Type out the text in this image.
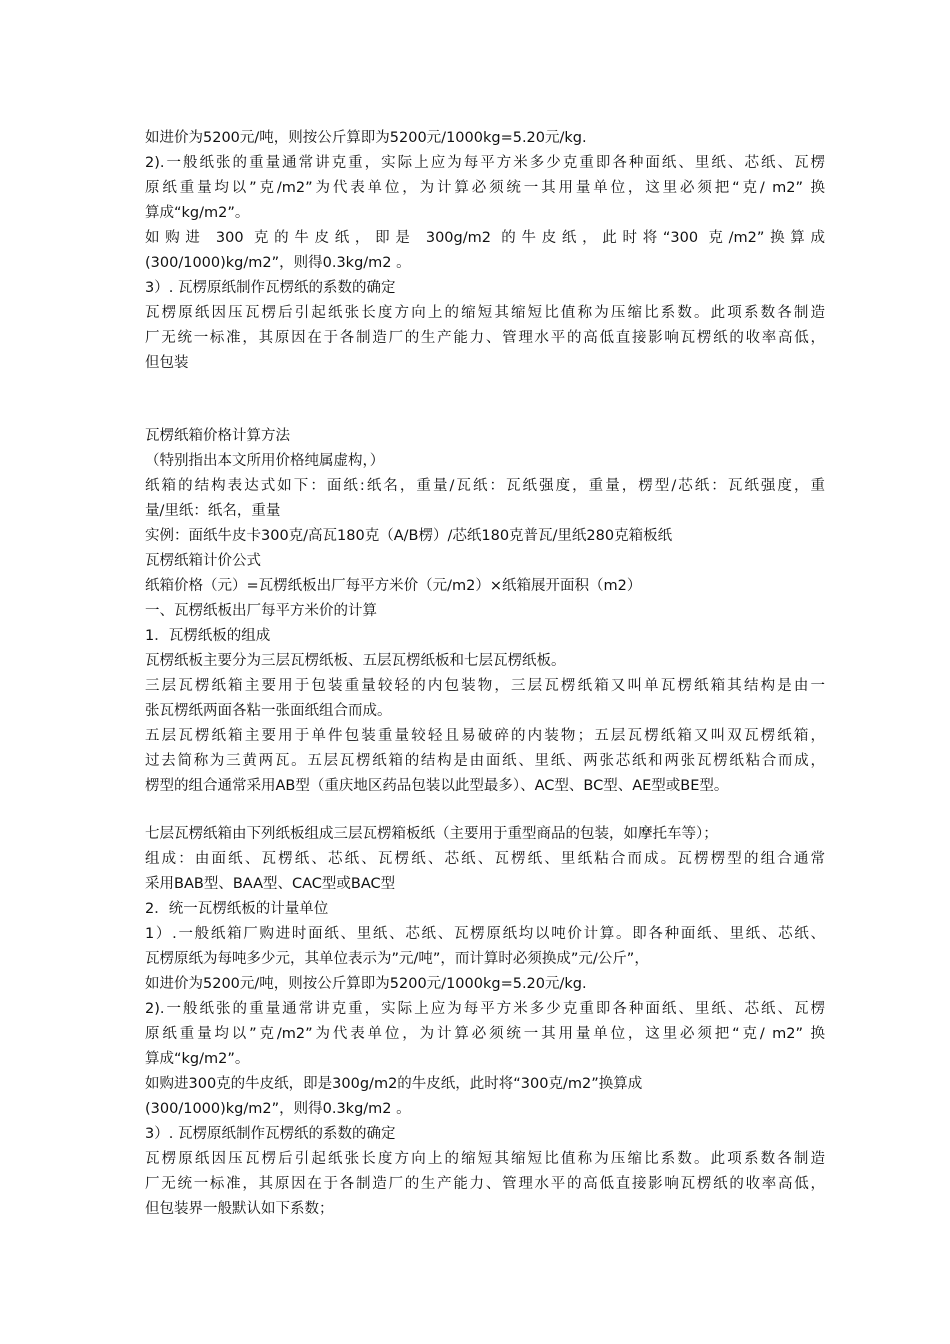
如进价为5200元/吨，则按公斤算即为5200元/1000kg=5.20元/kg.
2).一般纸张的重量通常讲克重，实际上应为每平方米多少克重即各种面纸、里纸、芯纸、瓦楞
原纸重量均以”克/m2”为代表单位，为计算必须统一其用量单位，这里必须把“克/ m2” 换
算成“kg/m2”。
如购进 300 克的牛皮纸，即是 300g/m2 的牛皮纸，此时将“300 克/m2”换算成
(300/1000)kg/m2”，则得0.3kg/m2 。
3）. 瓦楞原纸制作瓦楞纸的系数的确定
瓦楞原纸因压瓦楞后引起纸张长度方向上的缩短其缩短比值称为压缩比系数。此项系数各制造
厂无统一标准，其原因在于各制造厂的生产能力、管理水平的高低直接影响瓦楞纸的收率高低，
但包装
瓦楞纸箱价格计算方法
（特别指出本文所用价格纯属虚构，）
纸箱的结构表达式如下：面纸:纸名，重量/瓦纸：瓦纸强度，重量，楞型/芯纸：瓦纸强度，重
量/里纸：纸名，重量
实例：面纸牛皮卡300克/高瓦180克（A/B楞）/芯纸180克普瓦/里纸280克箱板纸
瓦楞纸箱计价公式
纸箱价格（元）=瓦楞纸板出厂每平方米价（元/m2）×纸箱展开面积（m2）
一、瓦楞纸板出厂每平方米价的计算
1．瓦楞纸板的组成
瓦楞纸板主要分为三层瓦楞纸板、五层瓦楞纸板和七层瓦楞纸板。
三层瓦楞纸箱主要用于包装重量较轻的内包装物，三层瓦楞纸箱又叫单瓦楞纸箱其结构是由一
张瓦楞纸两面各粘一张面纸组合而成。
五层瓦楞纸箱主要用于单件包装重量较轻且易破碎的内装物；五层瓦楞纸箱又叫双瓦楞纸箱，
过去简称为三黄两瓦。五层瓦楞纸箱的结构是由面纸、里纸、两张芯纸和两张瓦楞纸粘合而成，
楞型的组合通常采用AB型（重庆地区药品包装以此型最多）、AC型、BC型、AE型或BE型。
七层瓦楞纸箱由下列纸板组成三层瓦楞箱板纸（主要用于重型商品的包装，如摩托车等）；
组成：由面纸、瓦楞纸、芯纸、瓦楞纸、芯纸、瓦楞纸、里纸粘合而成。瓦楞楞型的组合通常
采用BAB型、BAA型、CAC型或BAC型
2．统一瓦楞纸板的计量单位
1）.一般纸箱厂购进时面纸、里纸、芯纸、瓦楞原纸均以吨价计算。即各种面纸、里纸、芯纸、
瓦楞原纸为每吨多少元，其单位表示为”元/吨”，而计算时必须换成”元/公斤”，
如进价为5200元/吨，则按公斤算即为5200元/1000kg=5.20元/kg.
2).一般纸张的重量通常讲克重，实际上应为每平方米多少克重即各种面纸、里纸、芯纸、瓦楞
原纸重量均以”克/m2”为代表单位，为计算必须统一其用量单位，这里必须把“克/ m2” 换
算成“kg/m2”。
如购进300克的牛皮纸，即是300g/m2的牛皮纸，此时将“300克/m2”换算成
(300/1000)kg/m2”，则得0.3kg/m2 。
3）. 瓦楞原纸制作瓦楞纸的系数的确定
瓦楞原纸因压瓦楞后引起纸张长度方向上的缩短其缩短比值称为压缩比系数。此项系数各制造
厂无统一标准，其原因在于各制造厂的生产能力、管理水平的高低直接影响瓦楞纸的收率高低，
但包装界一般默认如下系数；
